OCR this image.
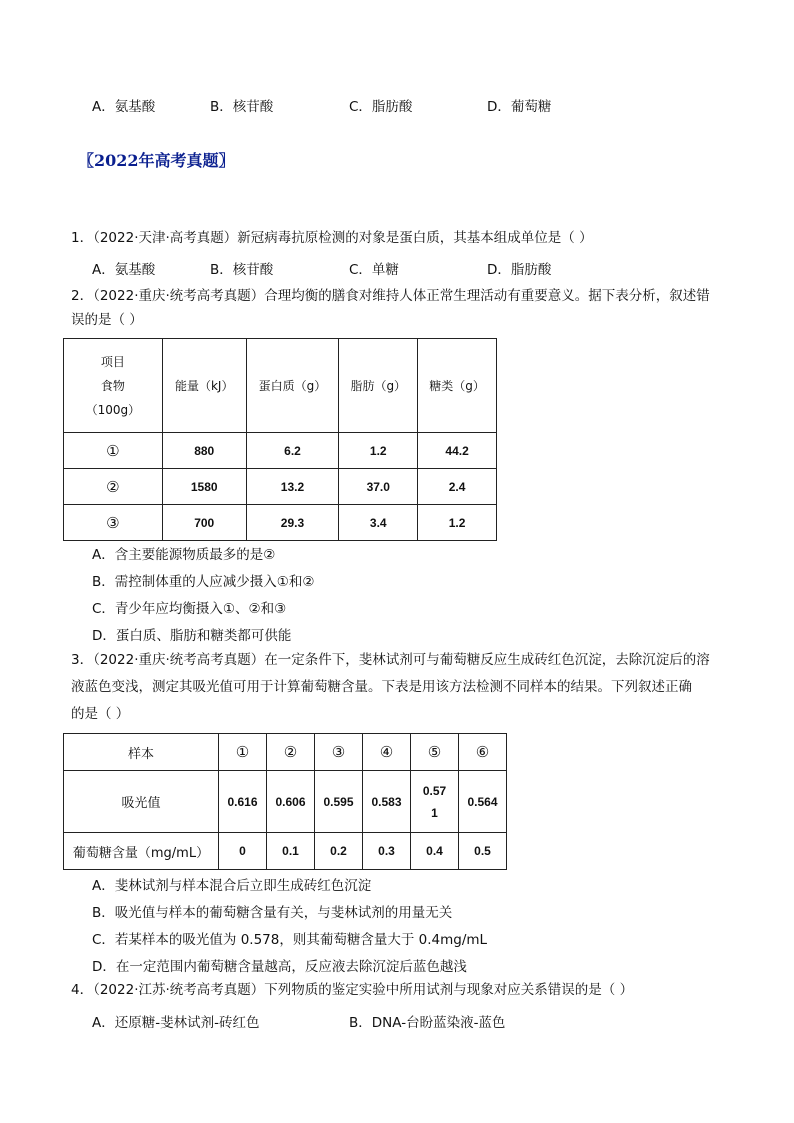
A．氨基酸	B．核苷酸	C．脂肪酸	D．葡萄糖
〖2022年高考真题〗
1．（2022·天津·高考真题）新冠病毒抗原检测的对象是蛋白质，其基本组成单位是（ ）
A．氨基酸	B．核苷酸	C．单糖	D．脂肪酸
2．（2022·重庆·统考高考真题）合理均衡的膳食对维持人体正常生理活动有重要意义。据下表分析，叙述错
误的是（ ）
项目
食物
（100g）	能量（kJ）	蛋白质（g）	脂肪（g）	糖类（g）
①	880	6.2	1.2	44.2
②	1580	13.2	37.0	2.4
③	700	29.3	3.4	1.2
A．含主要能源物质最多的是②
B．需控制体重的人应减少摄入①和②
C．青少年应均衡摄入①、②和③
D．蛋白质、脂肪和糖类都可供能
3．（2022·重庆·统考高考真题）在一定条件下，斐林试剂可与葡萄糖反应生成砖红色沉淀，去除沉淀后的溶
液蓝色变浅，测定其吸光值可用于计算葡萄糖含量。下表是用该方法检测不同样本的结果。下列叙述正确
的是（ ）
样本	①	②	③	④	⑤	⑥
吸光值	0.616	0.606	0.595	0.583	0.571	0.564
葡萄糖含量（mg/mL）	0	0.1	0.2	0.3	0.4	0.5
A．斐林试剂与样本混合后立即生成砖红色沉淀
B．吸光值与样本的葡萄糖含量有关，与斐林试剂的用量无关
C．若某样本的吸光值为 0.578，则其葡萄糖含量大于 0.4mg/mL
D．在一定范围内葡萄糖含量越高，反应液去除沉淀后蓝色越浅
4．（2022·江苏·统考高考真题）下列物质的鉴定实验中所用试剂与现象对应关系错误的是（ ）
A．还原糖-斐林试剂-砖红色	B．DNA-台盼蓝染液-蓝色
